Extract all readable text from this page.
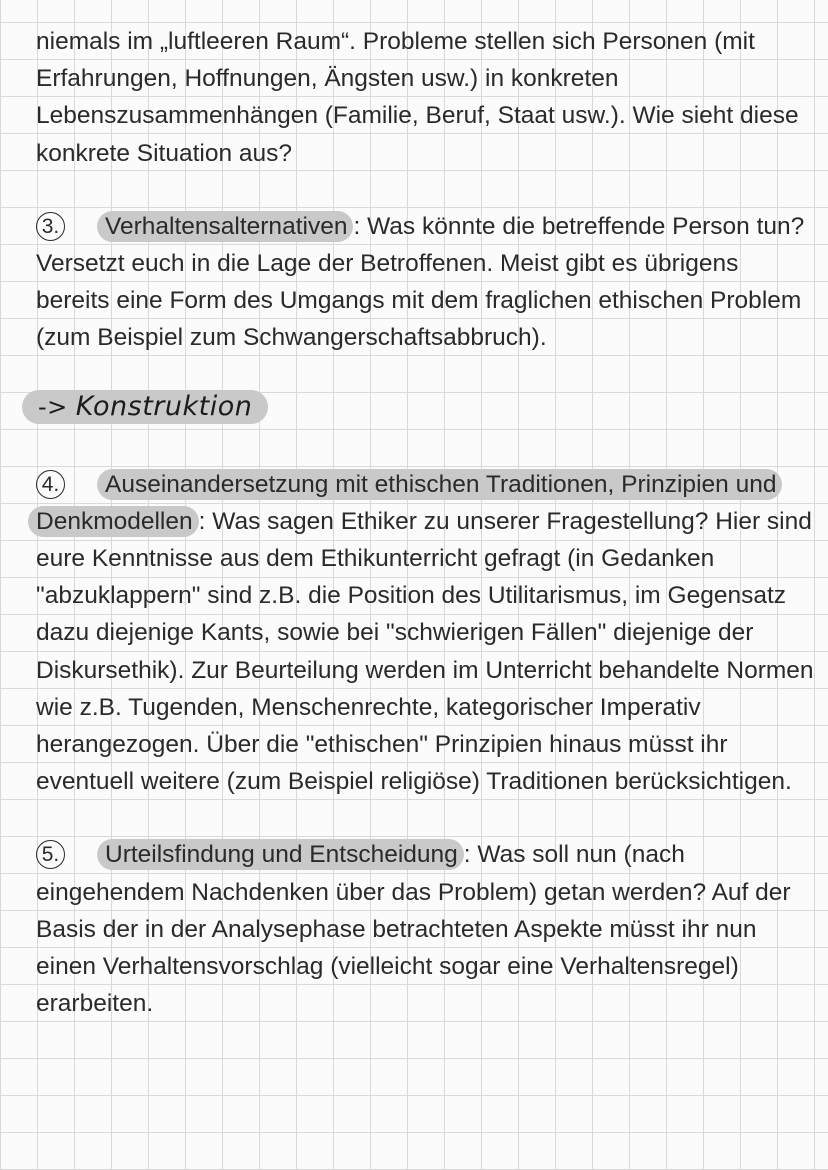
niemals im „luftleeren Raum“. Probleme stellen sich Personen (mit Erfahrungen, Hoffnungen, Ängsten usw.) in konkreten Lebenszusammenhängen (Familie, Beruf, Staat usw.). Wie sieht diese konkrete Situation aus?

3. Verhaltensalternativen : Was könnte die betreffende Person tun? Versetzt euch in die Lage der Betroffenen. Meist gibt es übrigens bereits eine Form des Umgangs mit dem fraglichen ethischen Problem (zum Beispiel zum Schwangerschaftsabbruch).

-> Konstruktion

4. Auseinandersetzung mit ethischen Traditionen, Prinzipien und Denkmodellen : Was sagen Ethiker zu unserer Fragestellung? Hier sind eure Kenntnisse aus dem Ethikunterricht gefragt (in Gedanken "abzuklappern" sind z.B. die Position des Utilitarismus, im Gegensatz dazu diejenige Kants, sowie bei "schwierigen Fällen" diejenige der Diskursethik). Zur Beurteilung werden im Unterricht behandelte Normen wie z.B. Tugenden, Menschenrechte, kategorischer Imperativ herangezogen. Über die "ethischen" Prinzipien hinaus müsst ihr eventuell weitere (zum Beispiel religiöse) Traditionen berücksichtigen.

5. Urteilsfindung und Entscheidung : Was soll nun (nach eingehendem Nachdenken über das Problem) getan werden? Auf der Basis der in der Analysephase betrachteten Aspekte müsst ihr nun einen Verhaltensvorschlag (vielleicht sogar eine Verhaltensregel) erarbeiten.
